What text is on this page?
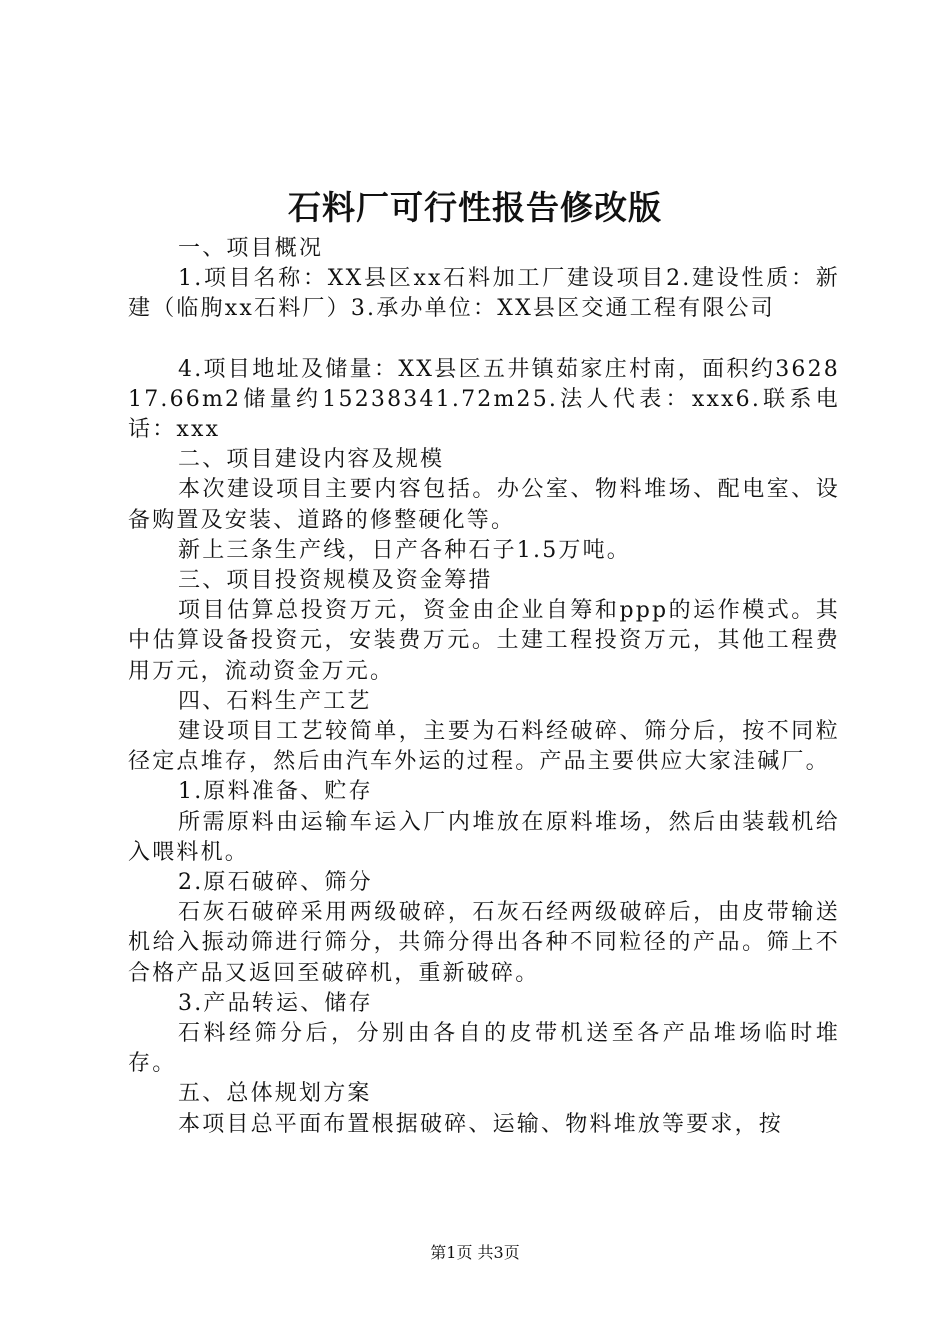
石料厂可行性报告修改版

一、项目概况

1.项目名称：XX县区xx石料加工厂建设项目2.建设性质：新建（临朐xx石料厂）3.承办单位：XX县区交通工程有限公司

4.项目地址及储量：XX县区五井镇茹家庄村南，面积约362817.66m2储量约15238341.72m25.法人代表：xxx6.联系电话：xxx

二、项目建设内容及规模

本次建设项目主要内容包括。办公室、物料堆场、配电室、设备购置及安装、道路的修整硬化等。

新上三条生产线，日产各种石子1.5万吨。

三、项目投资规模及资金筹措

项目估算总投资万元，资金由企业自筹和ppp的运作模式。其中估算设备投资元，安装费万元。土建工程投资万元，其他工程费用万元，流动资金万元。

四、石料生产工艺

建设项目工艺较简单，主要为石料经破碎、筛分后，按不同粒径定点堆存，然后由汽车外运的过程。产品主要供应大家洼碱厂。

1.原料准备、贮存

所需原料由运输车运入厂内堆放在原料堆场，然后由装载机给入喂料机。

2.原石破碎、筛分

石灰石破碎采用两级破碎，石灰石经两级破碎后，由皮带输送机给入振动筛进行筛分，共筛分得出各种不同粒径的产品。筛上不合格产品又返回至破碎机，重新破碎。

3.产品转运、储存

石料经筛分后，分别由各自的皮带机送至各产品堆场临时堆存。

五、总体规划方案

本项目总平面布置根据破碎、运输、物料堆放等要求，按

第1页 共3页
